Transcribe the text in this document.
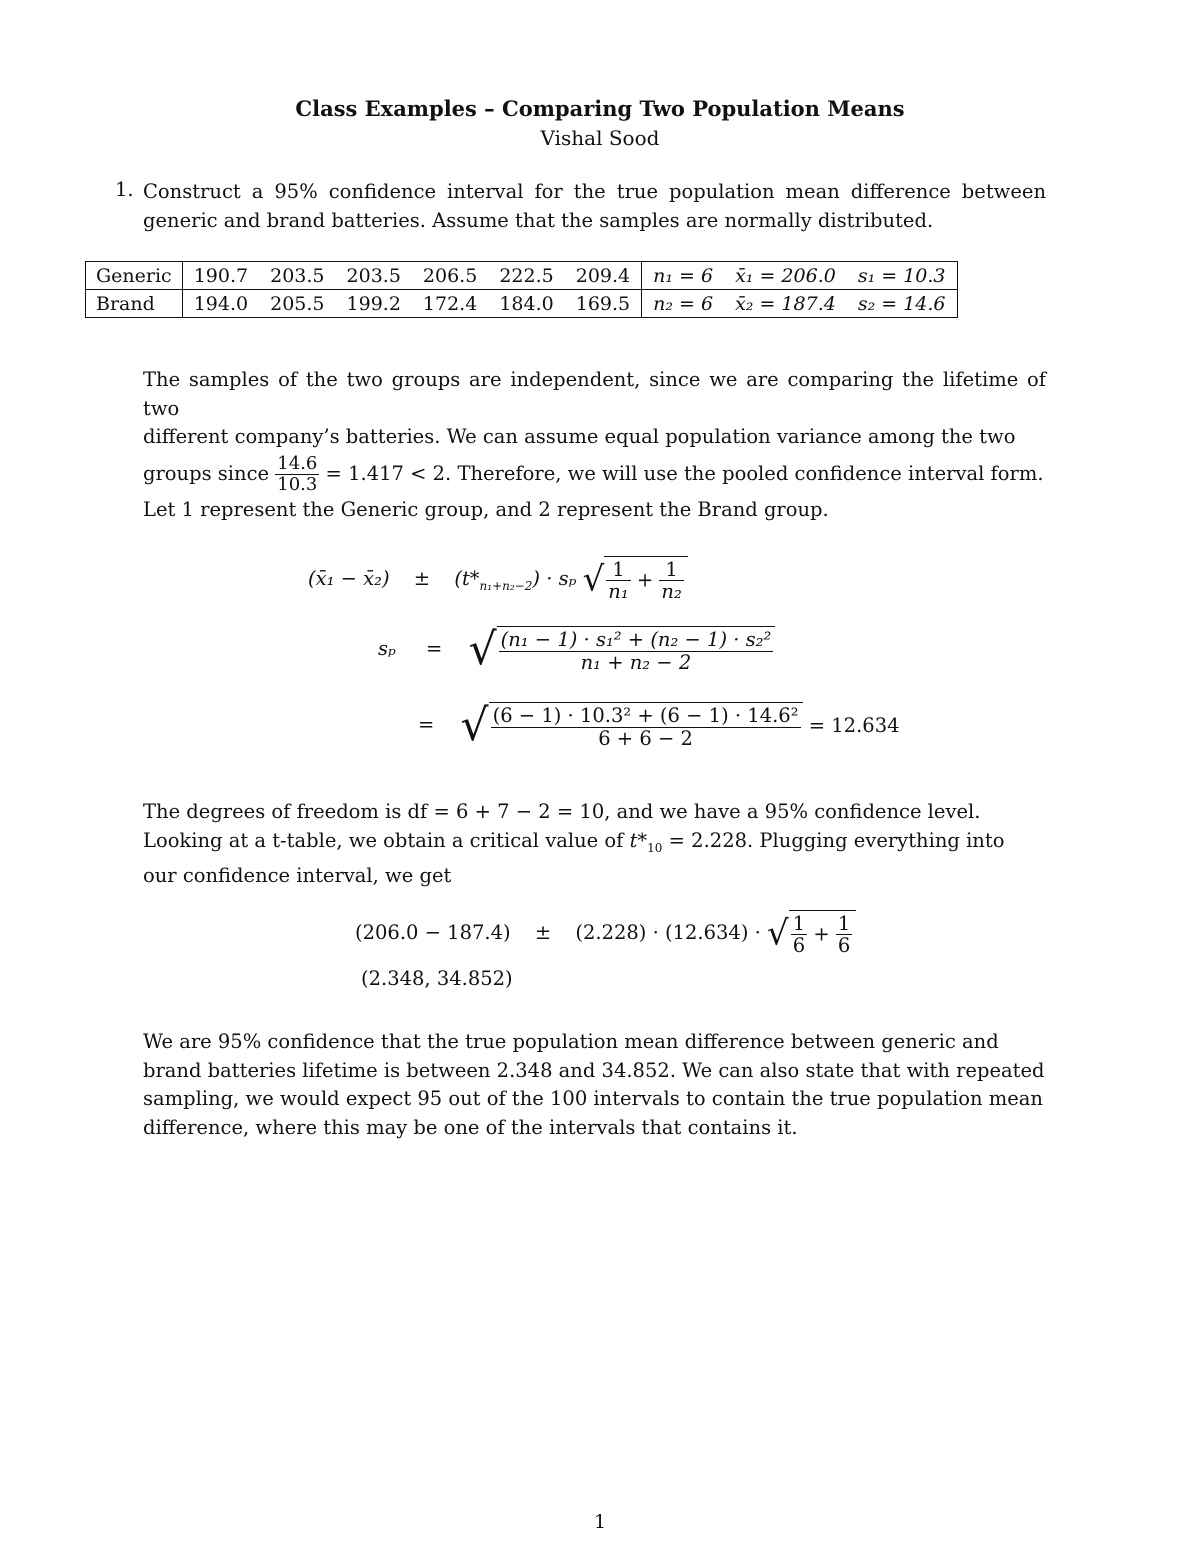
Class Examples – Comparing Two Population Means
Vishal Sood
1. Construct a 95% confidence interval for the true population mean difference between generic and brand batteries. Assume that the samples are normally distributed.
Generic	190.7	203.5	203.5	206.5	222.5	209.4	n₁ = 6	x̄₁ = 206.0	s₁ = 10.3
Brand	194.0	205.5	199.2	172.4	184.0	169.5	n₂ = 6	x̄₂ = 187.4	s₂ = 14.6
The samples of the two groups are independent, since we are comparing the lifetime of two
different company’s batteries. We can assume equal population variance among the two
groups since $\frac{14.6}{10.3} = 1.417 < 2$. Therefore, we will use the pooled confidence interval form.
Let 1 represent the Generic group, and 2 represent the Brand group.
(x̄₁ − x̄₂) ± $(t*_{n_1+n_2-2}) \cdot s_p$ √ $\frac{1}{\text{n₁}} + \frac{1}{\text{n₂}}$
sₚ = √ $\frac{\text{(n₁ − 1) · s₁² + (n₂ − 1) · s₂²}}{\text{n₁ + n₂ − 2}}$
= √ $\frac{\text{(6 − 1) · 10.3² + (6 − 1) · 14.6²}}{6 + 6 - 2} = 12.634$
The degrees of freedom is df = 6 + 7 − 2 = 10, and we have a 95% confidence level.
Looking at a t-table, we obtain a critical value of $t*_{10} = 2.228$. Plugging everything into
our confidence interval, we get
(206.0 − 187.4) ± (2.228) · (12.634) · √ $\frac{1}{6} + \frac{1}{6}$
(2.348, 34.852)
We are 95% confidence that the true population mean difference between generic and
brand batteries lifetime is between 2.348 and 34.852. We can also state that with repeated
sampling, we would expect 95 out of the 100 intervals to contain the true population mean
difference, where this may be one of the intervals that contains it.
1
